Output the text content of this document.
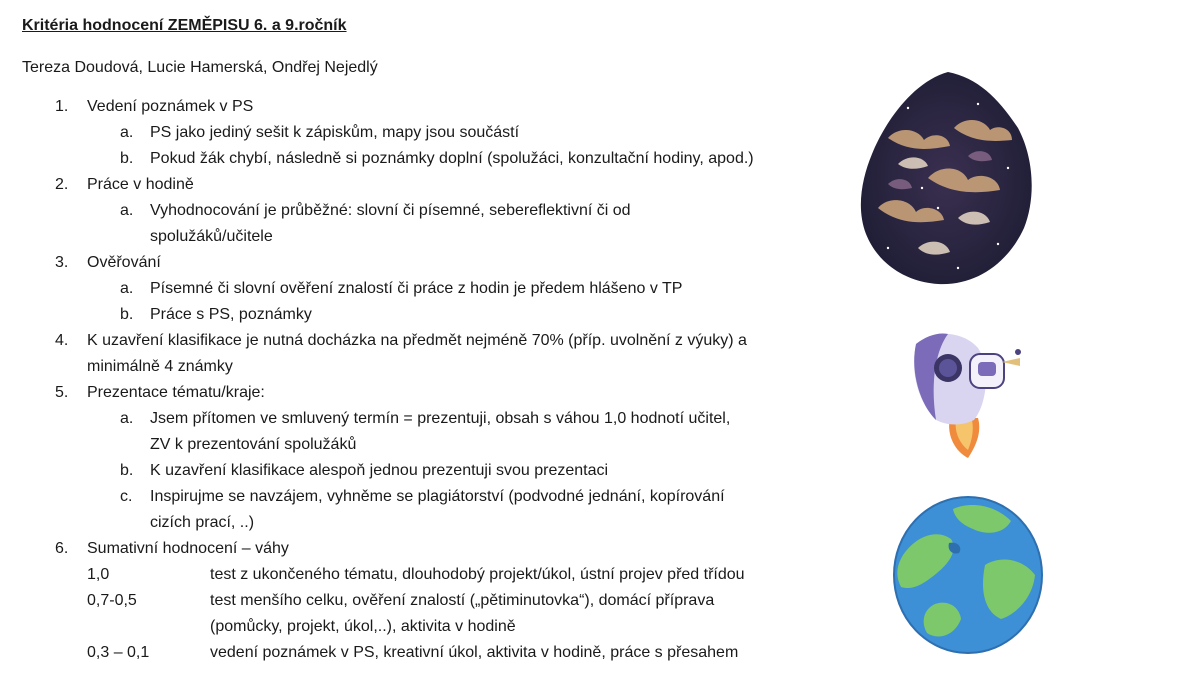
Kritéria hodnocení ZEMĚPISU 6. a 9.ročník
Tereza Doudová, Lucie Hamerská, Ondřej Nejedlý
1. Vedení poznámek v PS
a. PS jako jediný sešit k zápiskům, mapy jsou součástí
b. Pokud žák chybí, následně si poznámky doplní (spolužáci, konzultační hodiny, apod.)
2. Práce v hodině
a. Vyhodnocování je průběžné: slovní či písemné, sebereflektivní či od
spolužáků/učitele
3. Ověřování
a. Písemné či slovní ověření znalostí či práce z hodin je předem hlášeno v TP
b. Práce s PS, poznámky
4. K uzavření klasifikace je nutná docházka na předmět nejméně 70% (příp. uvolnění z výuky) a
minimálně 4 známky
5. Prezentace tématu/kraje:
a. Jsem přítomen ve smluvený termín = prezentuji, obsah s váhou 1,0 hodnotí učitel,
ZV k prezentování spolužáků
b. K uzavření klasifikace alespoň jednou prezentuji svou prezentaci
c. Inspirujme se navzájem, vyhněme se plagiátorství (podvodné jednání, kopírování
cizích prací, ..)
6. Sumativní hodnocení – váhy
1,0	test z ukončeného tématu, dlouhodobý projekt/úkol, ústní projev před třídou
0,7-0,5	test menšího celku, ověření znalostí („pětiminutovka“), domácí příprava
(pomůcky, projekt, úkol,..), aktivita v hodině
0,3 – 0,1	vedení poznámek v PS, kreativní úkol, aktivita v hodině, práce s přesahem
